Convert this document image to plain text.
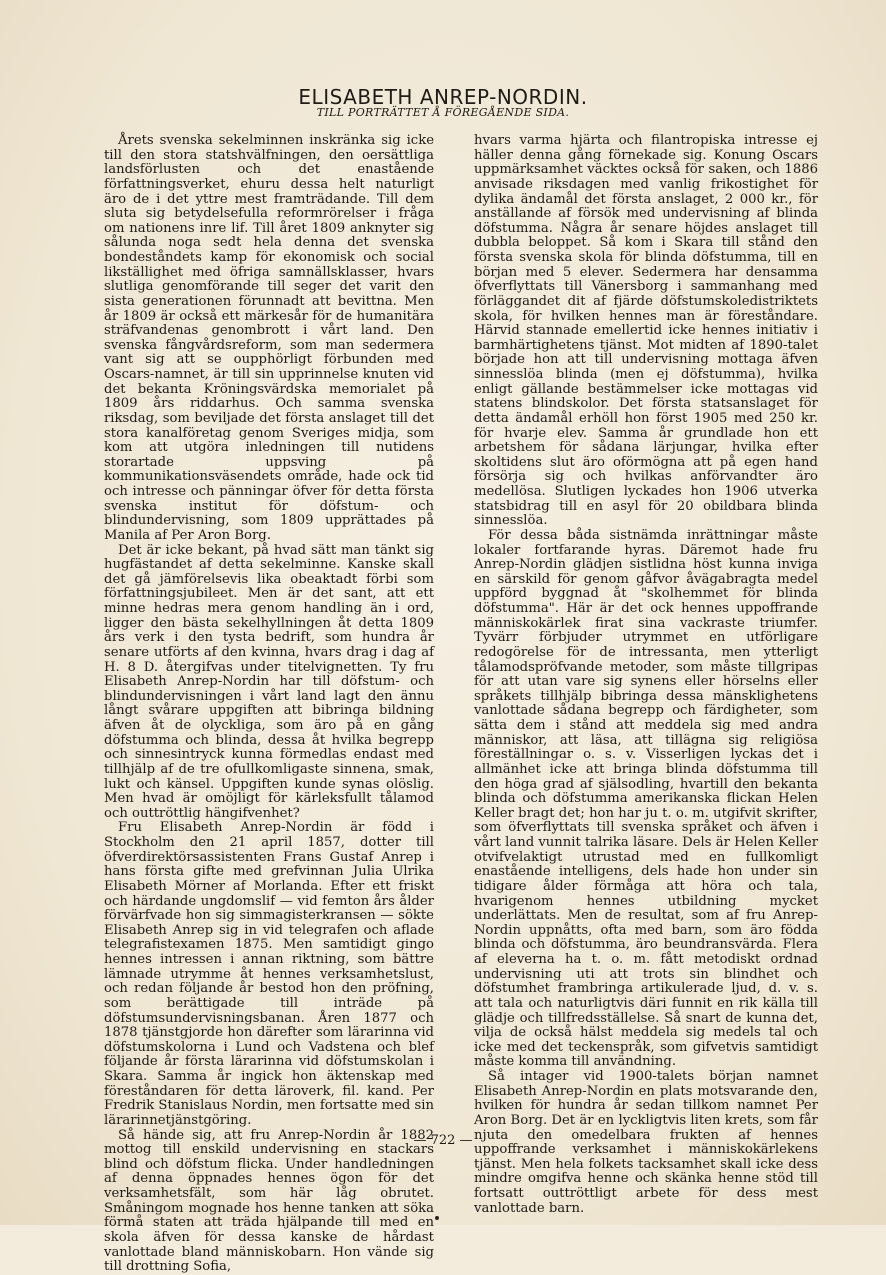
ELISABETH ANREP-NORDIN.
TILL PORTRÄTTET Å FÖREGÅENDE SIDA.

Årets svenska sekelminnen inskränka sig icke till den stora statshvälfningen, den oersättliga landsförlusten och det enastående författningsverket, ehuru dessa helt naturligt äro de i det yttre mest framträdande. Till dem sluta sig betydelsefulla reformrörelser i fråga om nationens inre lif. Till året 1809 anknyter sig sålunda noga sedt hela denna det svenska bondeståndets kamp för ekonomisk och social likställighet med öfriga samnällsklasser, hvars slutliga genomförande till seger det varit den sista generationen förunnadt att bevittna. Men år 1809 är också ett märkesår för de humanitära sträfvandenas genombrott i vårt land. Den svenska fångvårdsreform, som man sedermera vant sig att se oupphörligt förbunden med Oscars-namnet, är till sin upprinnelse knuten vid det bekanta Kröningsvärdska memorialet på 1809 års riddarhus. Och samma svenska riksdag, som beviljade det första anslaget till det stora kanalföretag genom Sveriges midja, som kom att utgöra inledningen till nutidens storartade uppsving på kommunikationsväsendets område, hade ock tid och intresse och pänningar öfver för detta första svenska institut för döfstum- och blindundervisning, som 1809 upprättades på Manila af Per Aron Borg.

Det är icke bekant, på hvad sätt man tänkt sig hugfästandet af detta sekelminne. Kanske skall det gå jämförelsevis lika obeaktadt förbi som författningsjubileet. Men är det sant, att ett minne hedras mera genom handling än i ord, ligger den bästa sekelhyllningen åt detta 1809 års verk i den tysta bedrift, som hundra år senare utförts af den kvinna, hvars drag i dag af H. 8 D. återgifvas under titelvignetten. Ty fru Elisabeth Anrep-Nordin har till döfstum- och blindundervisningen i vårt land lagt den ännu långt svårare uppgiften att bibringa bildning äfven åt de olyckliga, som äro på en gång döfstumma och blinda, dessa åt hvilka begrepp och sinnesintryck kunna förmedlas endast med tillhjälp af de tre ofullkomligaste sinnena, smak, lukt och känsel. Uppgiften kunde synas olöslig. Men hvad är omöjligt för kärleksfullt tålamod och outtröttlig hängifvenhet?

Fru Elisabeth Anrep-Nordin är född i Stockholm den 21 april 1857, dotter till öfverdirektörsassistenten Frans Gustaf Anrep i hans första gifte med grefvinnan Julia Ulrika Elisabeth Mörner af Morlanda. Efter ett friskt och härdande ungdomslif — vid femton års ålder förvärfvade hon sig simmagisterkransen — sökte Elisabeth Anrep sig in vid telegrafen och aflade telegrafistexamen 1875. Men samtidigt gingo hennes intressen i annan riktning, som bättre lämnade utrymme åt hennes verksamhetslust, och redan följande år bestod hon den pröfning, som berättigade till inträde på döfstumsundervisningsbanan. Åren 1877 och 1878 tjänstgjorde hon därefter som lärarinna vid döfstumskolorna i Lund och Vadstena och blef följande år första lärarinna vid döfstumskolan i Skara. Samma år ingick hon äktenskap med föreståndaren för detta läroverk, fil. kand. Per Fredrik Stanislaus Nordin, men fortsatte med sin lärarinnetjänstgöring.

Så hände sig, att fru Anrep-Nordin år 1882 mottog till enskild undervisning en stackars blind och döfstum flicka. Under handledningen af denna öppnades hennes ögon för det verksamhetsfält, som här låg obrutet. Småningom mognade hos henne tanken att söka förmå staten att träda hjälpande till med en skola äfven för dessa kanske de hårdast vanlottade bland människobarn. Hon vände sig till drottning Sofia,

hvars varma hjärta och filantropiska intresse ej häller denna gång förnekade sig. Konung Oscars uppmärksamhet väcktes också för saken, och 1886 anvisade riksdagen med vanlig frikostighet för dylika ändamål det första anslaget, 2 000 kr., för anställande af försök med undervisning af blinda döfstumma. Några år senare höjdes anslaget till dubbla beloppet. Så kom i Skara till stånd den första svenska skola för blinda döfstumma, till en början med 5 elever. Sedermera har densamma öfverflyttats till Vänersborg i sammanhang med förläggandet dit af fjärde döfstumskoledistriktets skola, för hvilken hennes man är föreståndare. Härvid stannade emellertid icke hennes initiativ i barmhärtighetens tjänst. Mot midten af 1890-talet började hon att till undervisning mottaga äfven sinnesslöa blinda (men ej döfstumma), hvilka enligt gällande bestämmelser icke mottagas vid statens blindskolor. Det första statsanslaget för detta ändamål erhöll hon först 1905 med 250 kr. för hvarje elev. Samma år grundlade hon ett arbetshem för sådana lärjungar, hvilka efter skoltidens slut äro oförmögna att på egen hand försörja sig och hvilkas anförvandter äro medellösa. Slutligen lyckades hon 1906 utverka statsbidrag till en asyl för 20 obildbara blinda sinnesslöa.

För dessa båda sistnämda inrättningar måste lokaler fortfarande hyras. Däremot hade fru Anrep-Nordin glädjen sistlidna höst kunna inviga en särskild för genom gåfvor åvägabragta medel uppförd byggnad åt "skolhemmet för blinda döfstumma". Här är det ock hennes uppoffrande människokärlek firat sina vackraste triumfer. Tyvärr förbjuder utrymmet en utförligare redogörelse för de intressanta, men ytterligt tålamodspröfvande metoder, som måste tillgripas för att utan vare sig synens eller hörselns eller språkets tillhjälp bibringa dessa mänsklighetens vanlottade sådana begrepp och färdigheter, som sätta dem i stånd att meddela sig med andra människor, att läsa, att tillägna sig religiösa föreställningar o. s. v. Visserligen lyckas det i allmänhet icke att bringa blinda döfstumma till den höga grad af själsodling, hvartill den bekanta blinda och döfstumma amerikanska flickan Helen Keller bragt det; hon har ju t. o. m. utgifvit skrifter, som öfverflyttats till svenska språket och äfven i vårt land vunnit talrika läsare. Dels är Helen Keller otvifvelaktigt utrustad med en fullkomligt enastående intelligens, dels hade hon under sin tidigare ålder förmåga att höra och tala, hvarigenom hennes utbildning mycket underlättats. Men de resultat, som af fru Anrep-Nordin uppnåtts, ofta med barn, som äro födda blinda och döfstumma, äro beundransvärda. Flera af eleverna ha t. o. m. fått metodiskt ordnad undervisning uti att trots sin blindhet och döfstumhet frambringa artikulerade ljud, d. v. s. att tala och naturligtvis däri funnit en rik källa till glädje och tillfredsställelse. Så snart de kunna det, vilja de också hälst meddela sig medels tal och icke med det teckenspråk, som gifvetvis samtidigt måste komma till användning.

Så intager vid 1900-talets början namnet Elisabeth Anrep-Nordin en plats motsvarande den, hvilken för hundra år sedan tillkom namnet Per Aron Borg. Det är en lyckligtvis liten krets, som får njuta den omedelbara frukten af hennes uppoffrande verksamhet i människokärlekens tjänst. Men hela folkets tacksamhet skall icke dess mindre omgifva henne och skänka henne stöd till fortsatt outtröttligt arbete för dess mest vanlottade barn.

— 722 —
